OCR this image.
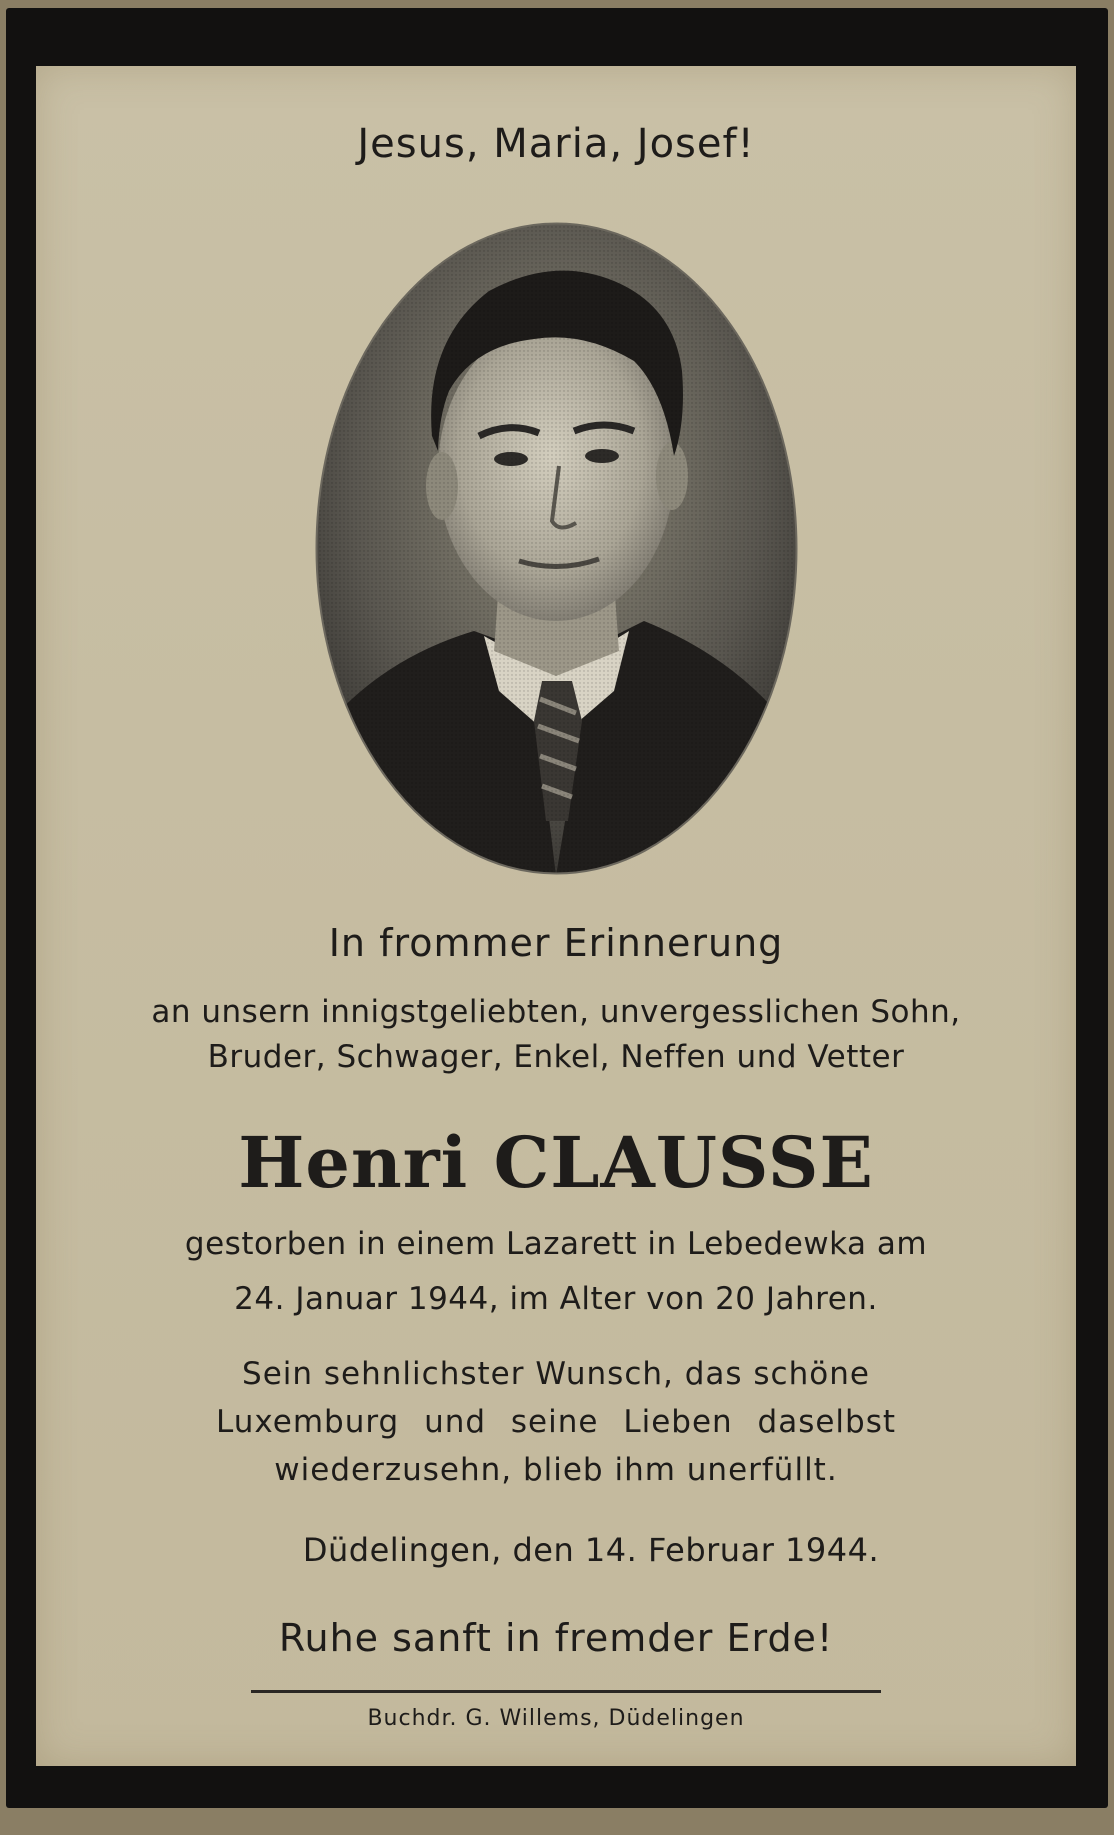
Jesus, Maria, Josef!

In frommer Erinnerung

an unsern innigstgeliebten, unvergesslichen Sohn,

Bruder, Schwager, Enkel, Neffen und Vetter

Henri CLAUSSE

gestorben in einem Lazarett in Lebedewka am

24. Januar 1944, im Alter von 20 Jahren.

Sein sehnlichster Wunsch, das schöne

Luxemburg und seine Lieben daselbst

wiederzusehn, blieb ihm unerfüllt.

Düdelingen, den 14. Februar 1944.

Ruhe sanft in fremder Erde!

Buchdr. G. Willems, Düdelingen
